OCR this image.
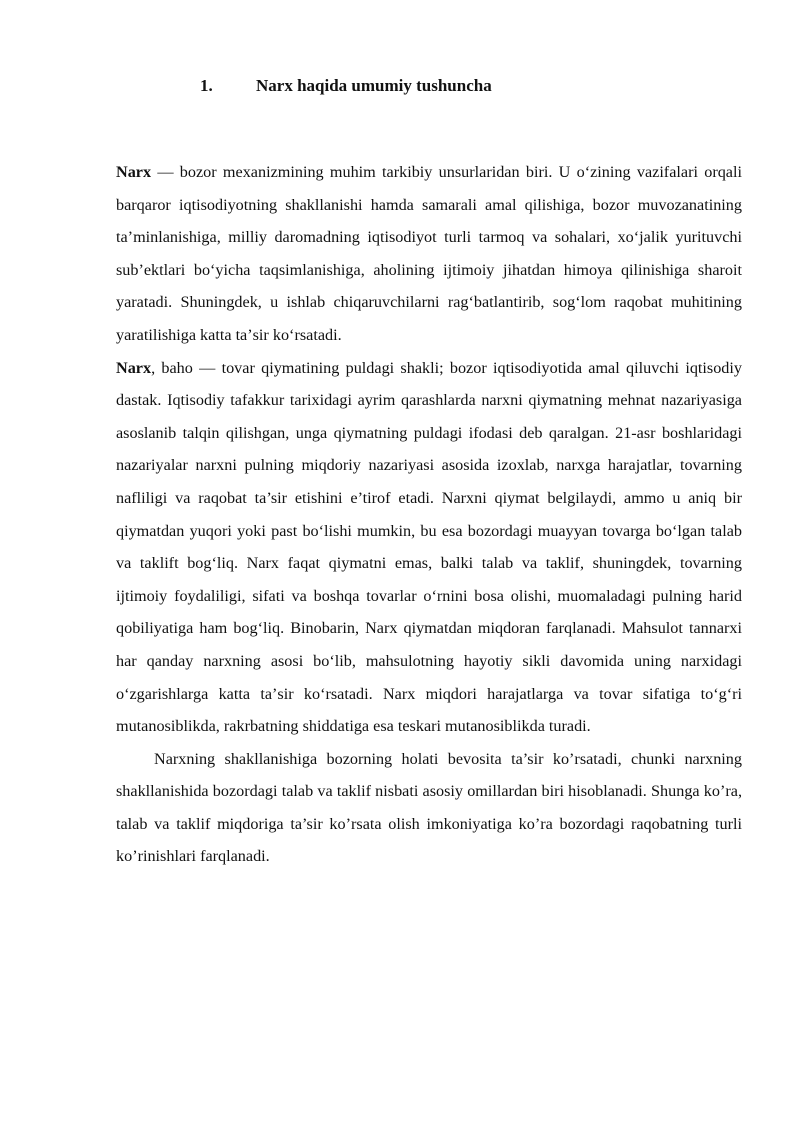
1.	Narx haqida umumiy tushuncha

Narx — bozor mexanizmining muhim tarkibiy unsurlaridan biri. U oʻzining vazifalari orqali barqaror iqtisodiyotning shakllanishi hamda samarali amal qilishiga, bozor muvozanatining taʼminlanishiga, milliy daromadning iqtisodiyot turli tarmoq va sohalari, xoʻjalik yurituvchi subʼektlari boʻyicha taqsimlanishiga, aholining ijtimoiy jihatdan himoya qilinishiga sharoit yaratadi. Shuningdek, u ishlab chiqaruvchilarni ragʻbatlantirib, sogʻlom raqobat muhitining yaratilishiga katta taʼsir koʻrsatadi.

Narx, baho — tovar qiymatining puldagi shakli; bozor iqtisodiyotida amal qiluvchi iqtisodiy dastak. Iqtisodiy tafakkur tarixidagi ayrim qarashlarda narxni qiymatning mehnat nazariyasiga asoslanib talqin qilishgan, unga qiymatning puldagi ifodasi deb qaralgan. 21-asr boshlaridagi nazariyalar narxni pulning miqdoriy nazariyasi asosida izoxlab, narxga harajatlar, tovarning nafliligi va raqobat ta’sir etishini e’tirof etadi. Narxni qiymat belgilaydi, ammo u aniq bir qiymatdan yuqori yoki past boʻlishi mumkin, bu esa bozordagi muayyan tovarga boʻlgan talab va taklift bogʻliq. Narx faqat qiymatni emas, balki talab va taklif, shuningdek, tovarning ijtimoiy foydaliligi, sifati va boshqa tovarlar oʻrnini bosa olishi, muomaladagi pulning harid qobiliyatiga ham bogʻliq. Binobarin, Narx qiymatdan miqdoran farqlanadi. Mahsulot tannarxi har qanday narxning asosi boʻlib, mahsulotning hayotiy sikli davomida uning narxidagi oʻzgarishlarga katta taʼsir koʻrsatadi. Narx miqdori harajatlarga va tovar sifatiga toʻgʻri mutanosiblikda, rakrbatning shiddatiga esa teskari mutanosiblikda turadi.

Narxning shakllanishiga bozorning holati bevosita ta’sir ko’rsatadi, chunki narxning shakllanishida bozordagi talab va taklif nisbati asosiy omillardan biri hisoblanadi. Shunga ko’ra, talab va taklif miqdoriga ta’sir ko’rsata olish imkoniyatiga ko’ra bozordagi raqobatning turli ko’rinishlari farqlanadi.
